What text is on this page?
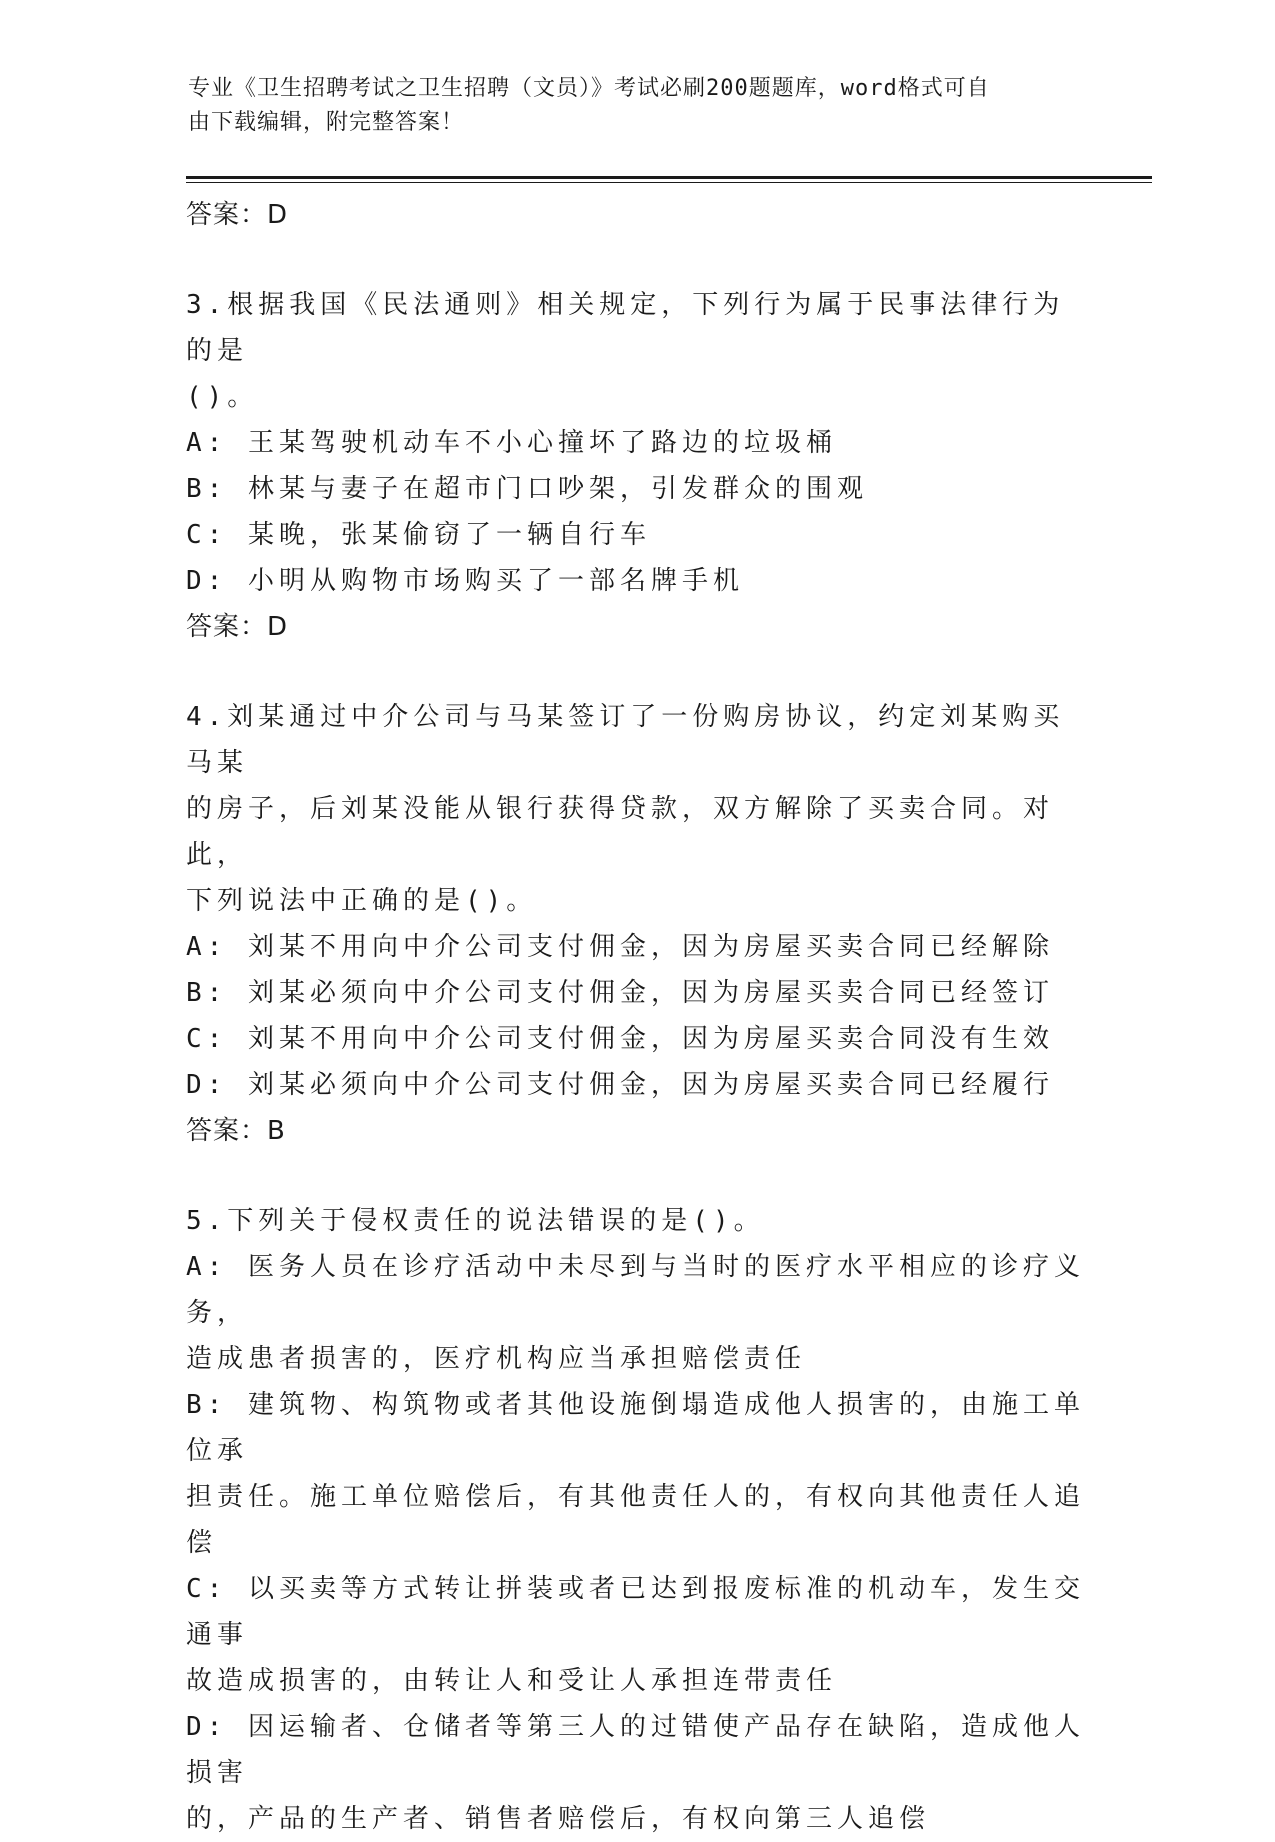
专业《卫生招聘考试之卫生招聘（文员）》考试必刷200题题库，word格式可自
由下载编辑，附完整答案！

答案：D

3.根据我国《民法通则》相关规定，下列行为属于民事法律行为的是

()。

A: 王某驾驶机动车不小心撞坏了路边的垃圾桶

B: 林某与妻子在超市门口吵架，引发群众的围观

C: 某晚，张某偷窃了一辆自行车

D: 小明从购物市场购买了一部名牌手机

答案：D

4.刘某通过中介公司与马某签订了一份购房协议，约定刘某购买马某

的房子，后刘某没能从银行获得贷款，双方解除了买卖合同。对此，

下列说法中正确的是()。

A: 刘某不用向中介公司支付佣金，因为房屋买卖合同已经解除

B: 刘某必须向中介公司支付佣金，因为房屋买卖合同已经签订

C: 刘某不用向中介公司支付佣金，因为房屋买卖合同没有生效

D: 刘某必须向中介公司支付佣金，因为房屋买卖合同已经履行

答案：B

5.下列关于侵权责任的说法错误的是()。

A: 医务人员在诊疗活动中未尽到与当时的医疗水平相应的诊疗义务，

造成患者损害的，医疗机构应当承担赔偿责任

B: 建筑物、构筑物或者其他设施倒塌造成他人损害的，由施工单位承

担责任。施工单位赔偿后，有其他责任人的，有权向其他责任人追偿

C: 以买卖等方式转让拼装或者已达到报废标准的机动车，发生交通事

故造成损害的，由转让人和受让人承担连带责任

D: 因运输者、仓储者等第三人的过错使产品存在缺陷，造成他人损害

的，产品的生产者、销售者赔偿后，有权向第三人追偿
